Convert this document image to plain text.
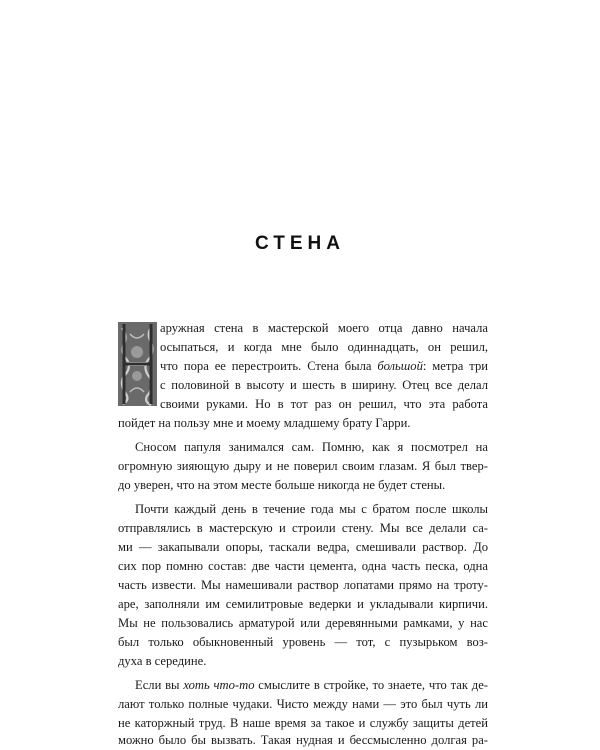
СТЕНА
аружная стена в мастерской моего отца давно начала
осыпаться, и когда мне было одиннадцать, он решил,
что пора ее перестроить. Стена была большой: метра три
с половиной в высоту и шесть в ширину. Отец все делал
своими руками. Но в тот раз он решил, что эта работа
пойдет на пользу мне и моему младшему брату Гарри.
Сносом папуля занимался сам. Помню, как я посмотрел на
огромную зияющую дыру и не поверил своим глазам. Я был твер-
до уверен, что на этом месте больше никогда не будет стены.
Почти каждый день в течение года мы с братом после школы
отправлялись в мастерскую и строили стену. Мы все делали са-
ми — закапывали опоры, таскали ведра, смешивали раствор. До
сих пор помню состав: две части цемента, одна часть песка, одна
часть извести. Мы намешивали раствор лопатами прямо на троту-
аре, заполняли им семилитровые ведерки и укладывали кирпичи.
Мы не пользовались арматурой или деревянными рамками, у нас
был только обыкновенный уровень — тот, с пузырьком воз-
духа в середине.
Если вы хоть что-то смыслите в стройке, то знаете, что так де-
лают только полные чудаки. Чисто между нами — это был чуть ли
не каторжный труд. В наше время за такое и службу защиты детей
можно было бы вызвать. Такая нудная и бессмысленно долгая ра-
